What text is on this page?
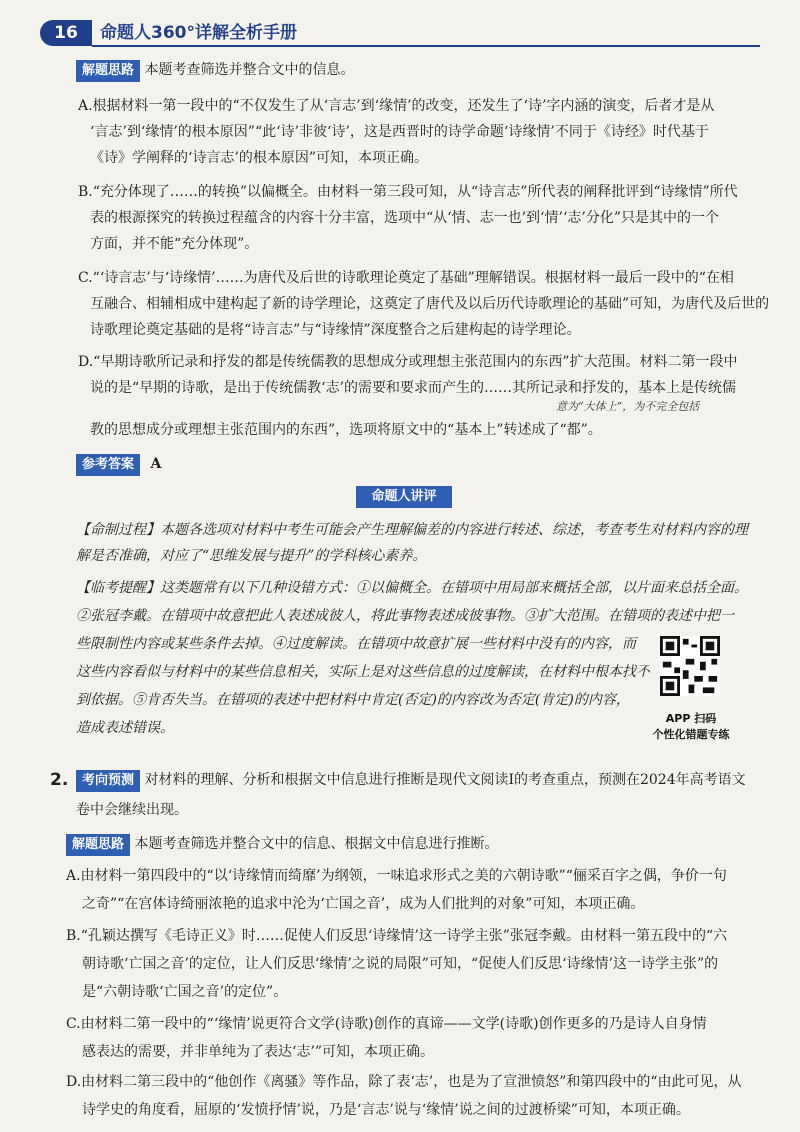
16	命题人360°详解全析手册
解题思路 本题考查筛选并整合文中的信息。
A.根据材料一第一段中的“不仅发生了从‘言志’到‘缘情’的改变，还发生了‘诗’字内涵的演变，后者才是从
‘言志’到‘缘情’的根本原因”“此‘诗’非彼‘诗’，这是西晋时的诗学命题‘诗缘情’不同于《诗经》时代基于
《诗》学阐释的‘诗言志’的根本原因”可知，本项正确。
B.“充分体现了……的转换”以偏概全。由材料一第三段可知，从“诗言志”所代表的阐释批评到“诗缘情”所代
表的根源探究的转换过程蕴含的内容十分丰富，选项中“从‘情、志一也’到‘情’‘志’分化”只是其中的一个
方面，并不能“充分体现”。
C.“‘诗言志’与‘诗缘情’……为唐代及后世的诗歌理论奠定了基础”理解错误。根据材料一最后一段中的“在相
互融合、相辅相成中建构起了新的诗学理论，这奠定了唐代及以后历代诗歌理论的基础”可知，为唐代及后世的
诗歌理论奠定基础的是将“诗言志”与“诗缘情”深度整合之后建构起的诗学理论。
D.“早期诗歌所记录和抒发的都是传统儒教的思想成分或理想主张范围内的东西”扩大范围。材料二第一段中
说的是“早期的诗歌，是出于传统儒教‘志’的需要和要求而产生的……其所记录和抒发的，基本上是传统儒
意为“大体上”，为不完全包括
教的思想成分或理想主张范围内的东西”，选项将原文中的“基本上”转述成了“都”。
参考答案 A
命题人讲评
【命制过程】本题各选项对材料中考生可能会产生理解偏差的内容进行转述、综述，考查考生对材料内容的理
解是否准确，对应了“思维发展与提升”的学科核心素养。
【临考提醒】这类题常有以下几种设错方式：①以偏概全。在错项中用局部来概括全部，以片面来总括全面。
②张冠李戴。在错项中故意把此人表述成彼人，将此事物表述成彼事物。③扩大范围。在错项的表述中把一
些限制性内容或某些条件去掉。④过度解读。在错项中故意扩展一些材料中没有的内容，而
这些内容看似与材料中的某些信息相关，实际上是对这些信息的过度解读，在材料中根本找不
到依据。⑤肯否失当。在错项的表述中把材料中肯定(否定)的内容改为否定(肯定)的内容，
造成表述错误。
APP 扫码
个性化错题专练
2.	考向预测 对材料的理解、分析和根据文中信息进行推断是现代文阅读Ⅰ的考查重点，预测在2024年高考语文
卷中会继续出现。
解题思路 本题考查筛选并整合文中的信息、根据文中信息进行推断。
A.由材料一第四段中的“以‘诗缘情而绮靡’为纲领，一味追求形式之美的六朝诗歌”“俪采百字之偶，争价一句
之奇”“在宫体诗绮丽浓艳的追求中沦为‘亡国之音’，成为人们批判的对象”可知，本项正确。
B.“孔颖达撰写《毛诗正义》时……促使人们反思‘诗缘情’这一诗学主张”张冠李戴。由材料一第五段中的“六
朝诗歌‘亡国之音’的定位，让人们反思‘缘情’之说的局限”可知，“促使人们反思‘诗缘情’这一诗学主张”的
是“六朝诗歌‘亡国之音’的定位”。
C.由材料二第一段中的“‘缘情’说更符合文学(诗歌)创作的真谛——文学(诗歌)创作更多的乃是诗人自身情
感表达的需要，并非单纯为了表达‘志’”可知，本项正确。
D.由材料二第三段中的“他创作《离骚》等作品，除了表‘志’，也是为了宣泄愤怒”和第四段中的“由此可见，从
诗学史的角度看，屈原的‘发愤抒情’说，乃是‘言志’说与‘缘情’说之间的过渡桥梁”可知，本项正确。
